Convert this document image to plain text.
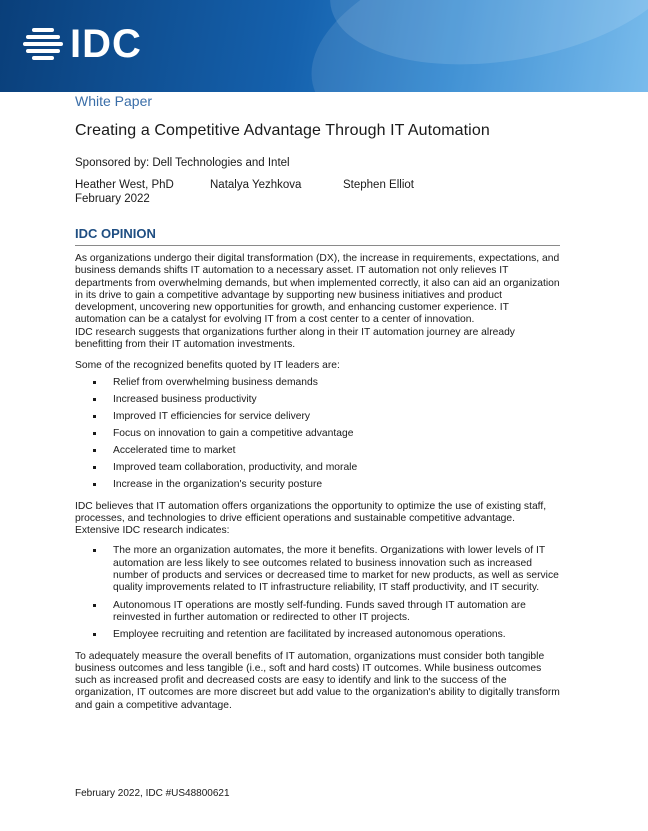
IDC
White Paper
Creating a Competitive Advantage Through IT Automation
Sponsored by: Dell Technologies and Intel
Heather West, PhD	Natalya Yezhkova	Stephen Elliot
February 2022
IDC OPINION

As organizations undergo their digital transformation (DX), the increase in requirements, expectations, and business demands shifts IT automation to a necessary asset. IT automation not only relieves IT departments from overwhelming demands, but when implemented correctly, it also can aid an organization in its drive to gain a competitive advantage by supporting new business initiatives and product development, uncovering new opportunities for growth, and enhancing customer experience. IT automation can be a catalyst for evolving IT from a cost center to a center of innovation.

IDC research suggests that organizations further along in their IT automation journey are already benefitting from their IT automation investments.

Some of the recognized benefits quoted by IT leaders are:

Relief from overwhelming business demands
Increased business productivity
Improved IT efficiencies for service delivery
Focus on innovation to gain a competitive advantage
Accelerated time to market
Improved team collaboration, productivity, and morale
Increase in the organization's security posture

IDC believes that IT automation offers organizations the opportunity to optimize the use of existing staff, processes, and technologies to drive efficient operations and sustainable competitive advantage. Extensive IDC research indicates:

The more an organization automates, the more it benefits. Organizations with lower levels of IT automation are less likely to see outcomes related to business innovation such as increased number of products and services or decreased time to market for new products, as well as service quality improvements related to IT infrastructure reliability, IT staff productivity, and IT security.
Autonomous IT operations are mostly self-funding. Funds saved through IT automation are reinvested in further automation or redirected to other IT projects.
Employee recruiting and retention are facilitated by increased autonomous operations.

To adequately measure the overall benefits of IT automation, organizations must consider both tangible business outcomes and less tangible (i.e., soft and hard costs) IT outcomes. While business outcomes such as increased profit and decreased costs are easy to identify and link to the success of the organization, IT outcomes are more discreet but add value to the organization's ability to digitally transform and gain a competitive advantage.

February 2022, IDC #US48800621
